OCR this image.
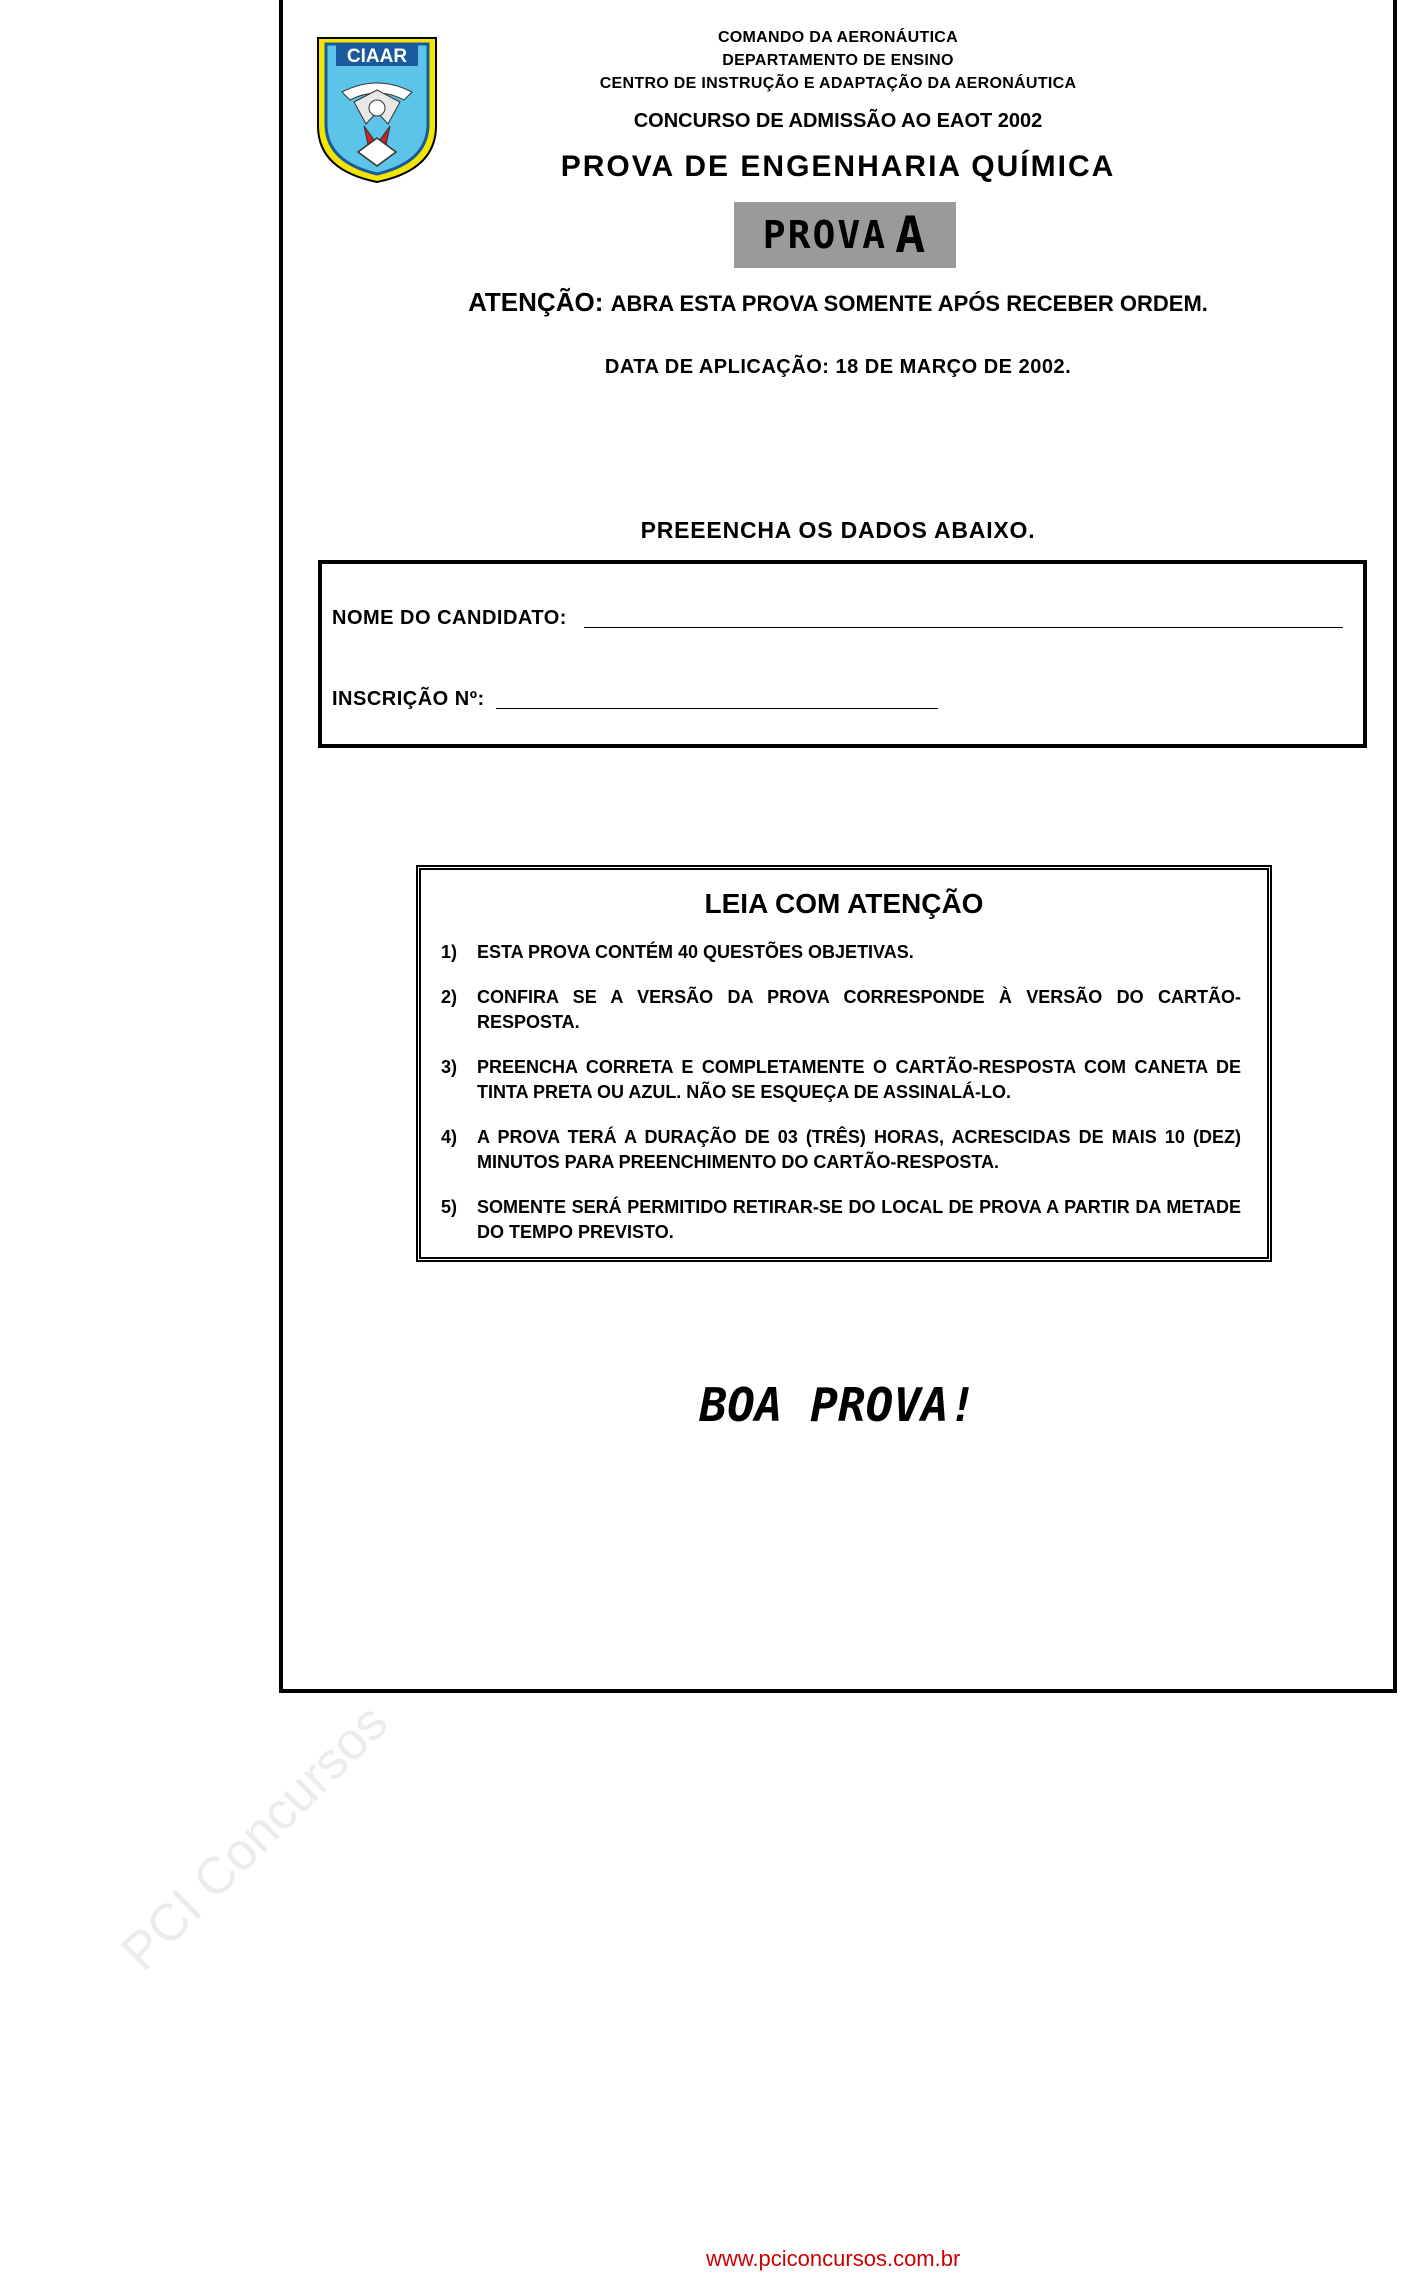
CIAAR
COMANDO DA AERONÁUTICA
DEPARTAMENTO DE ENSINO
CENTRO DE INSTRUÇÃO E ADAPTAÇÃO DA AERONÁUTICA
CONCURSO DE ADMISSÃO AO EAOT 2002
PROVA DE ENGENHARIA QUÍMICA
PROVA A
ATENÇÃO: ABRA ESTA PROVA SOMENTE APÓS RECEBER ORDEM.
DATA DE APLICAÇÃO: 18 DE MARÇO DE 2002.
PREEENCHA OS DADOS ABAIXO.
NOME DO CANDIDATO:
INSCRIÇÃO Nº:
LEIA COM ATENÇÃO
1)	ESTA PROVA CONTÉM 40 QUESTÕES OBJETIVAS.
2)	CONFIRA SE A VERSÃO DA PROVA CORRESPONDE À VERSÃO DO CARTÃO-RESPOSTA.
3)	PREENCHA CORRETA E COMPLETAMENTE O CARTÃO-RESPOSTA COM CANETA DE TINTA PRETA OU AZUL. NÃO SE ESQUEÇA DE ASSINALÁ-LO.
4)	A PROVA TERÁ A DURAÇÃO DE 03 (TRÊS) HORAS, ACRESCIDAS DE MAIS 10 (DEZ) MINUTOS PARA PREENCHIMENTO DO CARTÃO-RESPOSTA.
5)	SOMENTE SERÁ PERMITIDO RETIRAR-SE DO LOCAL DE PROVA A PARTIR DA METADE DO TEMPO PREVISTO.
BOA PROVA!
PCI Concursos
www.pciconcursos.com.br
